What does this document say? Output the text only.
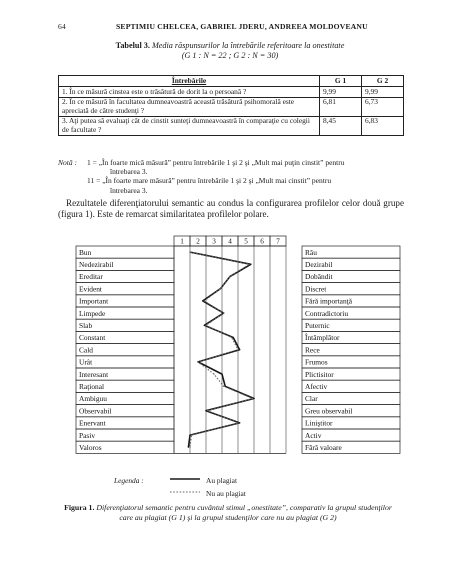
64	SEPTIMIU CHELCEA, GABRIEL JDERU, ANDREEA MOLDOVEANU
Tabelul 3. Media răspunsurilor la întrebările referitoare la onestitate
(G 1 : N = 22 ; G 2 : N = 30)
Întrebările	G 1	G 2
1. În ce măsură cinstea este o trăsătură de dorit la o persoană ?	9,99	9,99
2. În ce măsură în facultatea dumneavoastră această trăsătură psihomorală este apreciată de către studenţi ?	6,81	6,73
3. Aţi putea să evaluaţi cât de cinstit sunteţi dumneavoastră în comparaţie cu colegii de facultate ?	8,45	6,83
Notă : 1 = „În foarte mică măsură” pentru întrebările 1 şi 2 şi „Mult mai puţin cinstit” pentru
întrebarea 3.
11 = „În foarte mare măsură” pentru întrebările 1 şi 2 şi „Mult mai cinstit” pentru
întrebarea 3.

Rezultatele diferenţiatorului semantic au condus la configurarea profilelor celor două grupe (figura 1). Este de remarcat similaritatea profilelor polare.

1 2 3 4 5 6 7
Bun	Rău
Nedezirabil	Dezirabil
Ereditar	Dobândit
Evident	Discret
Important	Fără importanţă
Limpede	Contradictoriu
Slab	Puternic
Constant	Întâmplător
Cald	Rece
Urât	Frumos
Interesant	Plictisitor
Raţional	Afectiv
Ambiguu	Clar
Observabil	Greu observabil
Enervant	Liniştitor
Pasiv	Activ
Valoros	Fără valoare
Legenda :	Au plagiat
Nu au plagiat
Figura 1. Diferenţiatorul semantic pentru cuvântul stimul „onestitate”, comparativ la grupul studenţilor care au plagiat (G 1) şi la grupul studenţilor care nu au plagiat (G 2)
